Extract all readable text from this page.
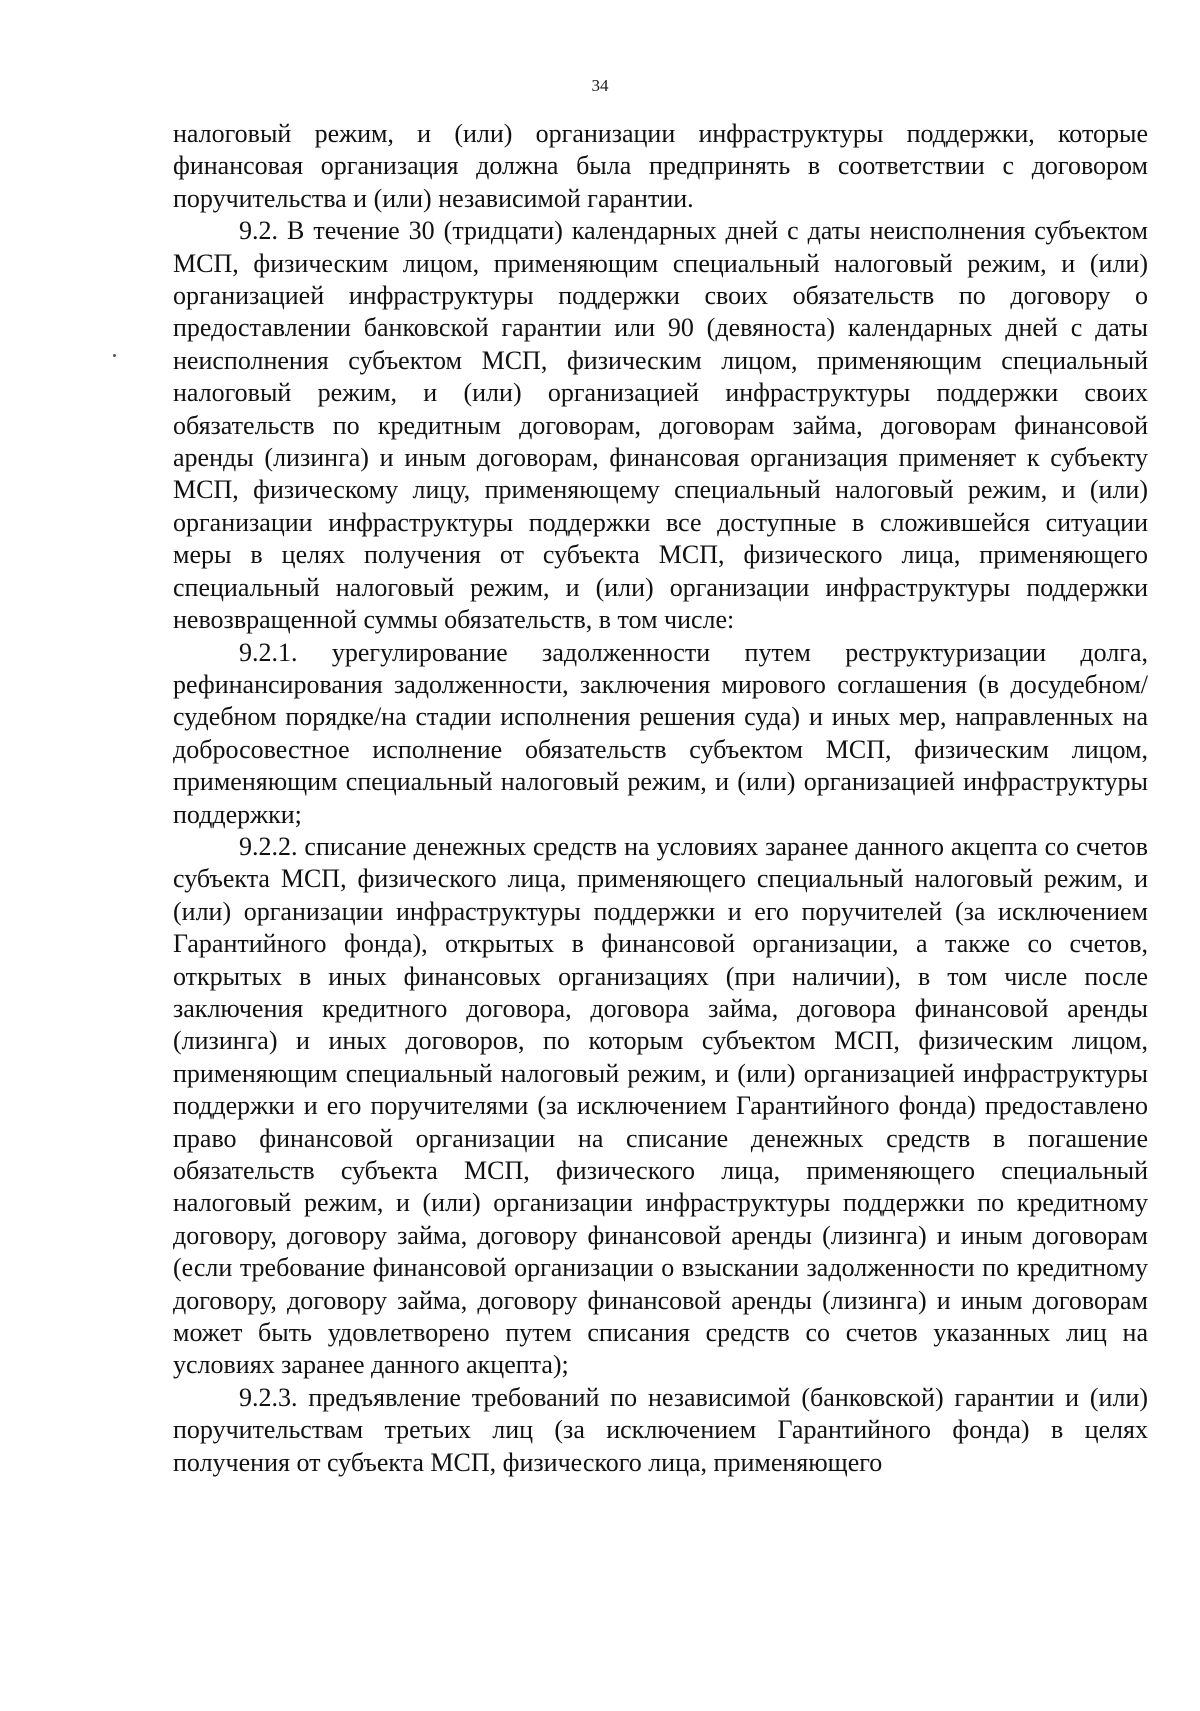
34

налоговый режим, и (или) организации инфраструктуры поддержки, которые финансовая организация должна была предпринять в соответствии с договором поручительства и (или) независимой гарантии.

9.2. В течение 30 (тридцати) календарных дней с даты неисполнения субъектом МСП, физическим лицом, применяющим специальный налоговый режим, и (или) организацией инфраструктуры поддержки своих обязательств по договору о предоставлении банковской гарантии или 90 (девяноста) календарных дней с даты неисполнения субъектом МСП, физическим лицом, применяющим специальный налоговый режим, и (или) организацией инфраструктуры поддержки своих обязательств по кредитным договорам, договорам займа, договорам финансовой аренды (лизинга) и иным договорам, финансовая организация применяет к субъекту МСП, физическому лицу, применяющему специальный налоговый режим, и (или) организации инфраструктуры поддержки все доступные в сложившейся ситуации меры в целях получения от субъекта МСП, физического лица, применяющего специальный налоговый режим, и (или) организации инфраструктуры поддержки невозвращенной суммы обязательств, в том числе:

9.2.1. урегулирование задолженности путем реструктуризации долга, рефинансирования задолженности, заключения мирового соглашения (в досудебном/судебном порядке/на стадии исполнения решения суда) и иных мер, направленных на добросовестное исполнение обязательств субъектом МСП, физическим лицом, применяющим специальный налоговый режим, и (или) организацией инфраструктуры поддержки;

9.2.2. списание денежных средств на условиях заранее данного акцепта со счетов субъекта МСП, физического лица, применяющего специальный налоговый режим, и (или) организации инфраструктуры поддержки и его поручителей (за исключением Гарантийного фонда), открытых в финансовой организации, а также со счетов, открытых в иных финансовых организациях (при наличии), в том числе после заключения кредитного договора, договора займа, договора финансовой аренды (лизинга) и иных договоров, по которым субъектом МСП, физическим лицом, применяющим специальный налоговый режим, и (или) организацией инфраструктуры поддержки и его поручителями (за исключением Гарантийного фонда) предоставлено право финансовой организации на списание денежных средств в погашение обязательств субъекта МСП, физического лица, применяющего специальный налоговый режим, и (или) организации инфраструктуры поддержки по кредитному договору, договору займа, договору финансовой аренды (лизинга) и иным договорам (если требование финансовой организации о взыскании задолженности по кредитному договору, договору займа, договору финансовой аренды (лизинга) и иным договорам может быть удовлетворено путем списания средств со счетов указанных лиц на условиях заранее данного акцепта);

9.2.3. предъявление требований по независимой (банковской) гарантии и (или) поручительствам третьих лиц (за исключением Гарантийного фонда) в целях получения от субъекта МСП, физического лица, применяющего
